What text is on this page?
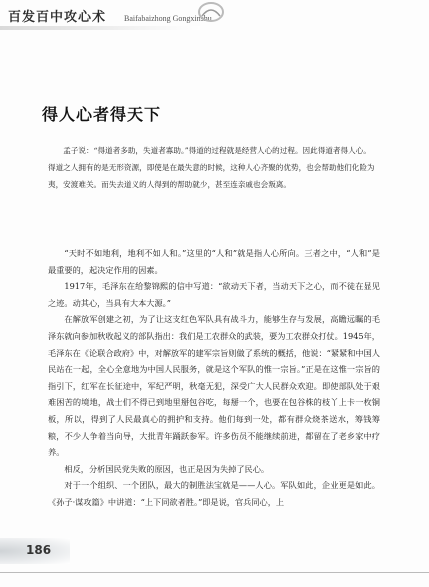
百发百中攻心术 Baifabaizhong Gongxinshu
得人心者得天下

孟子说：“得道者多助，失道者寡助。”得道的过程就是经营人心的过程。因此得道者得人心。得道之人拥有的是无形资源，即使是在最失意的时候，这种人心齐聚的优势，也会帮助他们化险为夷，安渡难关。而失去道义的人得到的帮助就少，甚至连亲戚也会叛离。

“天时不如地利，地利不如人和。”这里的“人和”就是指人心所向。三者之中，“人和”是最重要的，起决定作用的因素。

1917年，毛泽东在给黎锦熙的信中写道：“欲动天下者，当动天下之心，而不徒在显见之迹。动其心，当具有大本大源。”

在解放军创建之初，为了让这支红色军队具有战斗力，能够生存与发展，高瞻远瞩的毛泽东就向参加秋收起义的部队指出：我们是工农群众的武装，要为工农群众打仗。1945年，毛泽东在《论联合政府》中，对解放军的建军宗旨则做了系统的概括，他说：“紧紧和中国人民站在一起，全心全意地为中国人民服务，就是这个军队的惟一宗旨。”正是在这惟一宗旨的指引下，红军在长征途中，军纪严明，秋毫无犯，深受广大人民群众欢迎。即使部队处于艰难困苦的境地，战士们不得已到地里掰包谷吃，每掰一个，也要在包谷株的枝丫上卡一枚铜板，所以，得到了人民最真心的拥护和支持。他们每到一处，都有群众烧茶送水，筹钱筹粮，不少人争着当向导，大批青年踊跃参军。许多伤员不能继续前进，都留在了老乡家中疗养。

相反，分析国民党失败的原因，也正是因为失掉了民心。

对于一个组织、一个团队，最大的制胜法宝就是——人心。军队如此，企业更是如此。《孙子·谋攻篇》中讲道：“上下同欲者胜。”即是说，官兵同心，上

186
